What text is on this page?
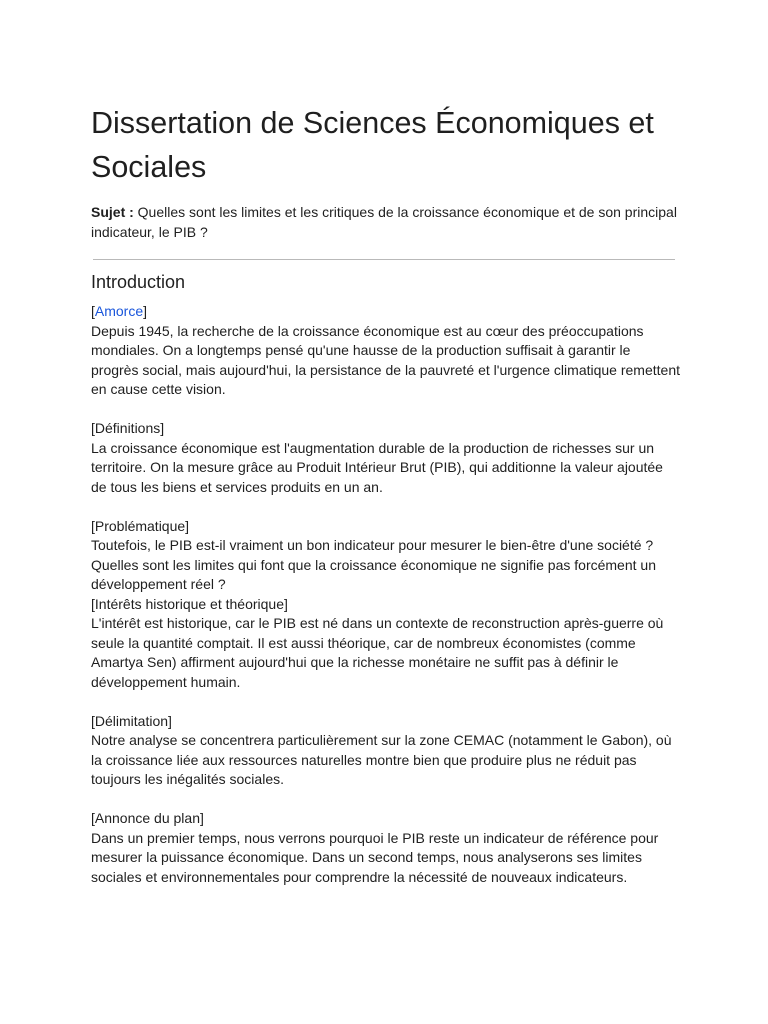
Dissertation de Sciences Économiques et Sociales

Sujet : Quelles sont les limites et les critiques de la croissance économique et de son principal indicateur, le PIB ?

Introduction
[Amorce]
Depuis 1945, la recherche de la croissance économique est au cœur des préoccupations mondiales. On a longtemps pensé qu'une hausse de la production suffisait à garantir le progrès social, mais aujourd'hui, la persistance de la pauvreté et l'urgence climatique remettent en cause cette vision.
[Définitions]
La croissance économique est l'augmentation durable de la production de richesses sur un territoire. On la mesure grâce au Produit Intérieur Brut (PIB), qui additionne la valeur ajoutée de tous les biens et services produits en un an.
[Problématique]
Toutefois, le PIB est-il vraiment un bon indicateur pour mesurer le bien-être d'une société ? Quelles sont les limites qui font que la croissance économique ne signifie pas forcément un développement réel ?
[Intérêts historique et théorique]
L'intérêt est historique, car le PIB est né dans un contexte de reconstruction après-guerre où seule la quantité comptait. Il est aussi théorique, car de nombreux économistes (comme Amartya Sen) affirment aujourd'hui que la richesse monétaire ne suffit pas à définir le développement humain.
[Délimitation]
Notre analyse se concentrera particulièrement sur la zone CEMAC (notamment le Gabon), où la croissance liée aux ressources naturelles montre bien que produire plus ne réduit pas toujours les inégalités sociales.
[Annonce du plan]
Dans un premier temps, nous verrons pourquoi le PIB reste un indicateur de référence pour mesurer la puissance économique. Dans un second temps, nous analyserons ses limites sociales et environnementales pour comprendre la nécessité de nouveaux indicateurs.
